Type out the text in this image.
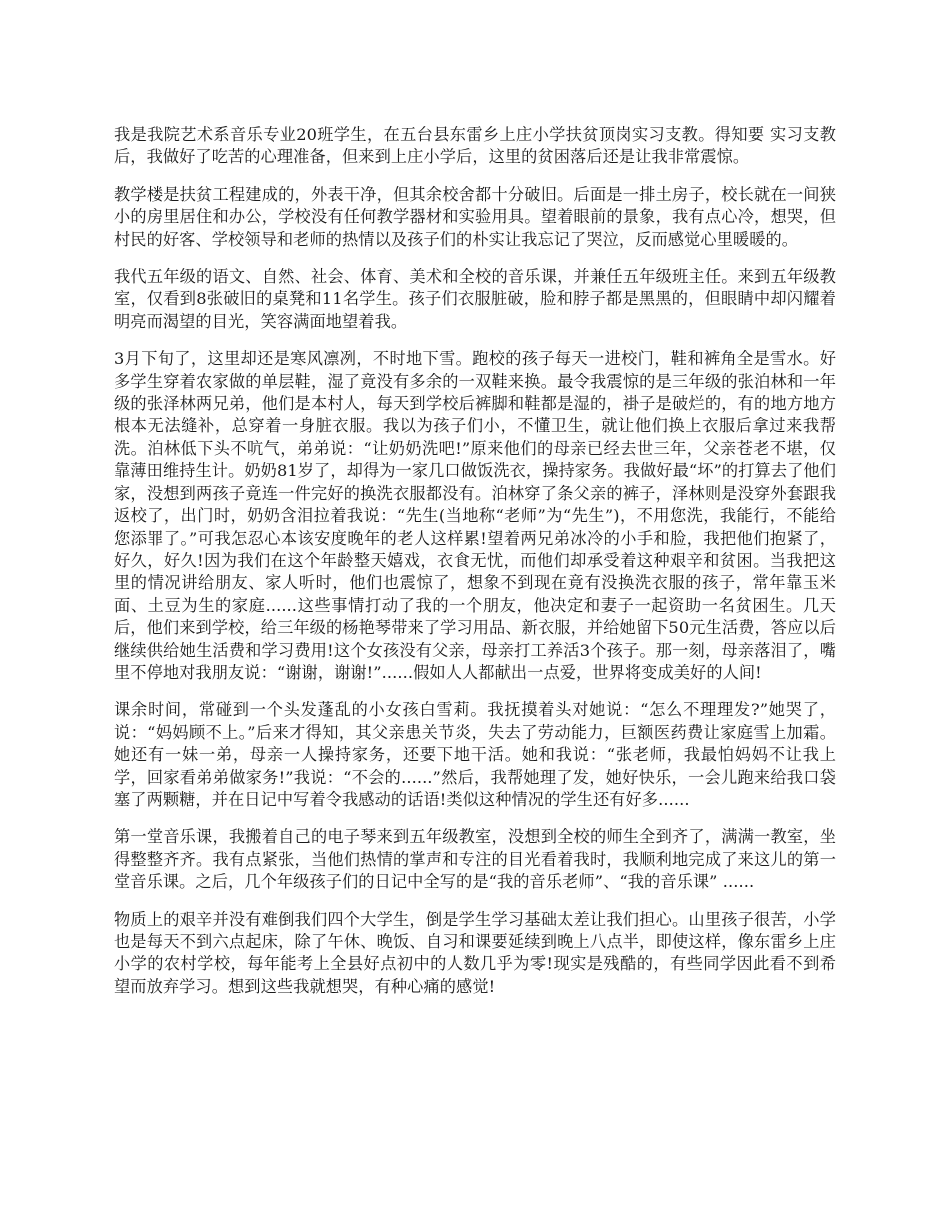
我是我院艺术系音乐专业20班学生，在五台县东雷乡上庄小学扶贫顶岗实习支教。得知要 实习支教后，我做好了吃苦的心理准备，但来到上庄小学后，这里的贫困落后还是让我非常震惊。

教学楼是扶贫工程建成的，外表干净，但其余校舍都十分破旧。后面是一排土房子，校长就在一间狭小的房里居住和办公，学校没有任何教学器材和实验用具。望着眼前的景象，我有点心冷，想哭，但村民的好客、学校领导和老师的热情以及孩子们的朴实让我忘记了哭泣，反而感觉心里暖暖的。

我代五年级的语文、自然、社会、体育、美术和全校的音乐课，并兼任五年级班主任。来到五年级教室，仅看到8张破旧的桌凳和11名学生。孩子们衣服脏破，脸和脖子都是黑黑的，但眼睛中却闪耀着明亮而渴望的目光，笑容满面地望着我。

3月下旬了，这里却还是寒风凛冽，不时地下雪。跑校的孩子每天一进校门，鞋和裤角全是雪水。好多学生穿着农家做的单层鞋，湿了竟没有多余的一双鞋来换。最令我震惊的是三年级的张泊林和一年级的张泽林两兄弟，他们是本村人，每天到学校后裤脚和鞋都是湿的，褂子是破烂的，有的地方地方根本无法缝补，总穿着一身脏衣服。我以为孩子们小，不懂卫生，就让他们换上衣服后拿过来我帮洗。泊林低下头不吭气，弟弟说：“让奶奶洗吧!”原来他们的母亲已经去世三年，父亲苍老不堪，仅靠薄田维持生计。奶奶81岁了，却得为一家几口做饭洗衣，操持家务。我做好最“坏”的打算去了他们家，没想到两孩子竟连一件完好的换洗衣服都没有。泊林穿了条父亲的裤子，泽林则是没穿外套跟我返校了，出门时，奶奶含泪拉着我说：“先生(当地称“老师”为“先生”)，不用您洗，我能行，不能给您添罪了。”可我怎忍心本该安度晚年的老人这样累!望着两兄弟冰冷的小手和脸，我把他们抱紧了，好久，好久!因为我们在这个年龄整天嬉戏，衣食无忧，而他们却承受着这种艰辛和贫困。当我把这里的情况讲给朋友、家人听时，他们也震惊了，想象不到现在竟有没换洗衣服的孩子，常年靠玉米面、土豆为生的家庭......这些事情打动了我的一个朋友，他决定和妻子一起资助一名贫困生。几天后，他们来到学校，给三年级的杨艳琴带来了学习用品、新衣服，并给她留下50元生活费，答应以后继续供给她生活费和学习费用!这个女孩没有父亲，母亲打工养活3个孩子。那一刻，母亲落泪了，嘴里不停地对我朋友说：“谢谢，谢谢!”......假如人人都献出一点爱，世界将变成美好的人间!

课余时间，常碰到一个头发蓬乱的小女孩白雪莉。我抚摸着头对她说：“怎么不理理发?”她哭了，说：“妈妈顾不上。”后来才得知，其父亲患关节炎，失去了劳动能力，巨额医药费让家庭雪上加霜。她还有一妹一弟，母亲一人操持家务，还要下地干活。她和我说：“张老师，我最怕妈妈不让我上学，回家看弟弟做家务!”我说：“不会的......”然后，我帮她理了发，她好快乐，一会儿跑来给我口袋塞了两颗糖，并在日记中写着令我感动的话语!类似这种情况的学生还有好多......

第一堂音乐课，我搬着自己的电子琴来到五年级教室，没想到全校的师生全到齐了，满满一教室，坐得整整齐齐。我有点紧张，当他们热情的掌声和专注的目光看着我时，我顺利地完成了来这儿的第一堂音乐课。之后，几个年级孩子们的日记中全写的是“我的音乐老师”、“我的音乐课” ......

物质上的艰辛并没有难倒我们四个大学生，倒是学生学习基础太差让我们担心。山里孩子很苦，小学也是每天不到六点起床，除了午休、晚饭、自习和课要延续到晚上八点半，即使这样，像东雷乡上庄小学的农村学校，每年能考上全县好点初中的人数几乎为零!现实是残酷的，有些同学因此看不到希望而放弃学习。想到这些我就想哭，有种心痛的感觉!
